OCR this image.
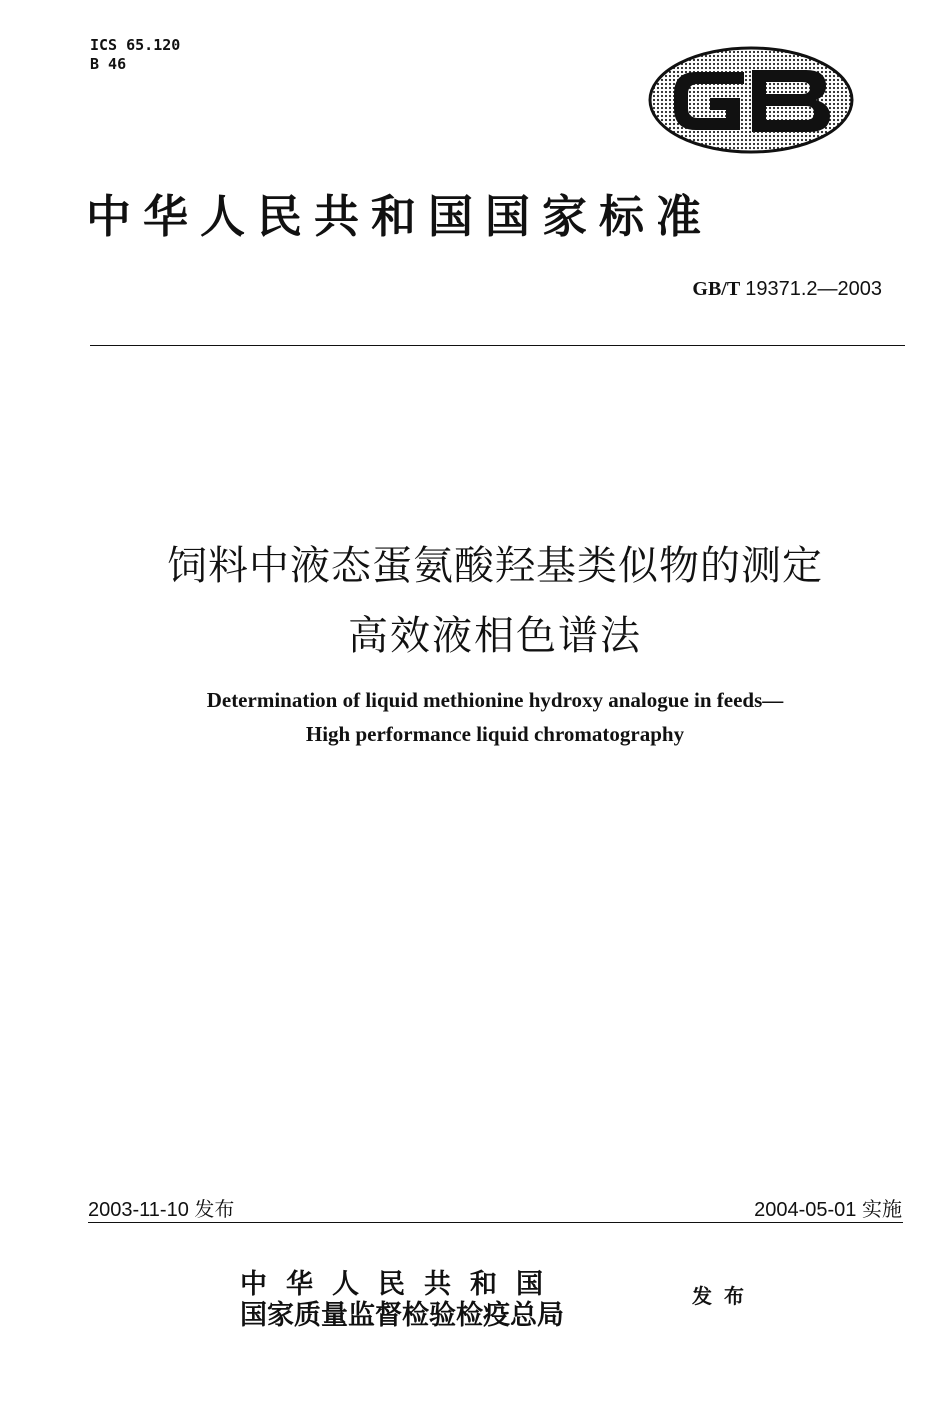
ICS 65.120
B 46
中华人民共和国国家标准
GB/T 19371.2—2003
饲料中液态蛋氨酸羟基类似物的测定
高效液相色谱法
Determination of liquid methionine hydroxy analogue in feeds—
High performance liquid chromatography
2003-11-10 发布	2004-05-01 实施
中华人民共和国
国家质量监督检验检疫总局
发布
